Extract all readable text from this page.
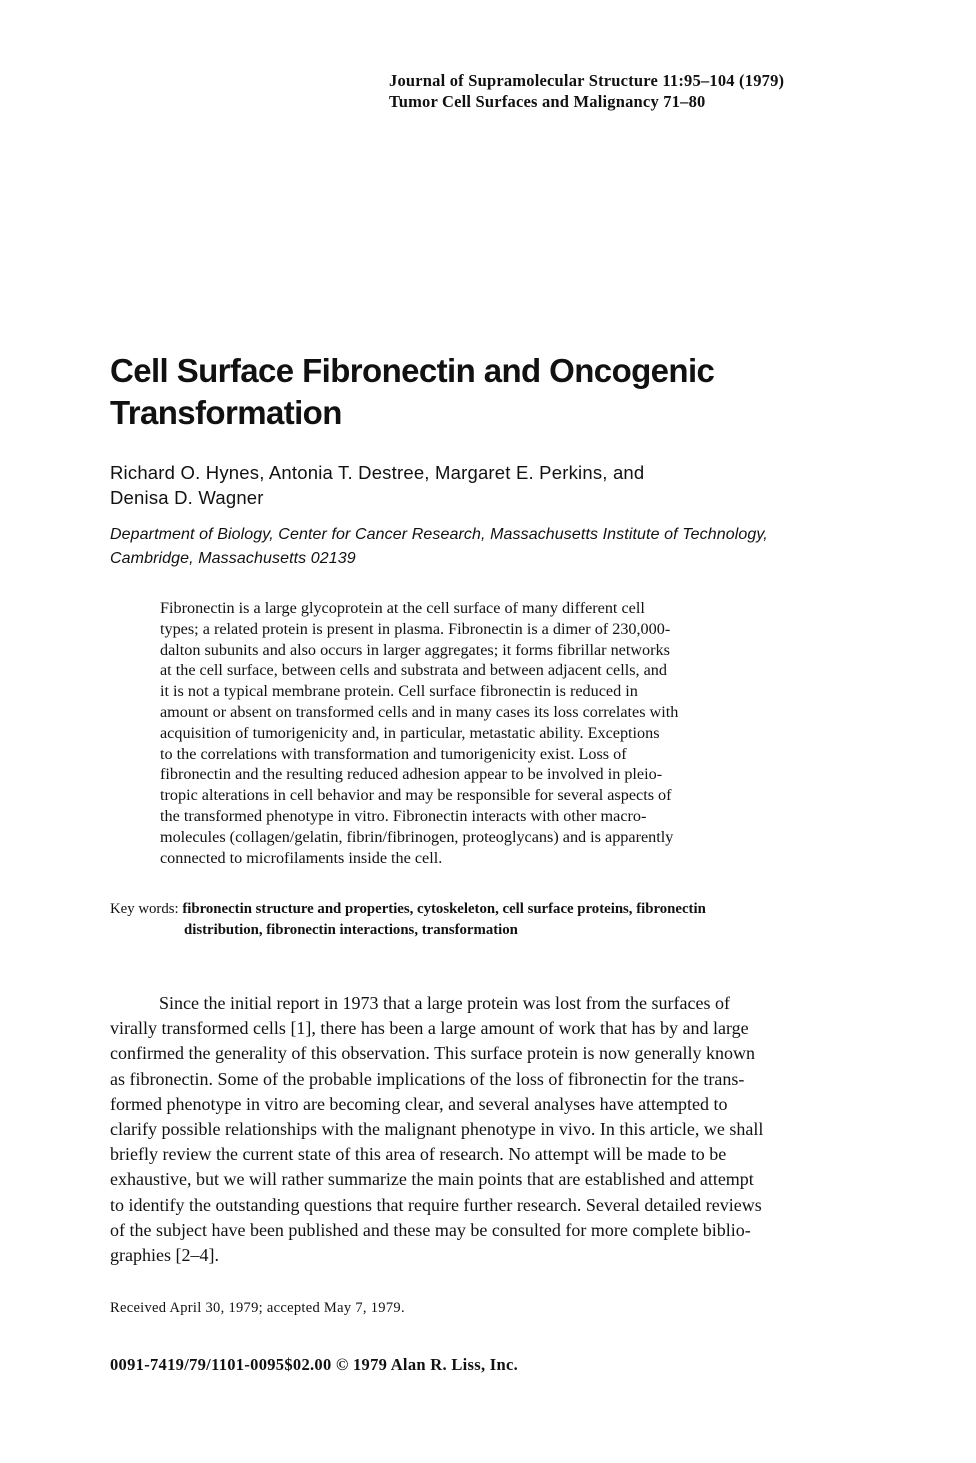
Journal of Supramolecular Structure 11:95–104 (1979)
Tumor Cell Surfaces and Malignancy 71–80
Cell Surface Fibronectin and Oncogenic
Transformation
Richard O. Hynes, Antonia T. Destree, Margaret E. Perkins, and
Denisa D. Wagner
Department of Biology, Center for Cancer Research, Massachusetts Institute of Technology,
Cambridge, Massachusetts 02139
Fibronectin is a large glycoprotein at the cell surface of many different cell
types; a related protein is present in plasma. Fibronectin is a dimer of 230,000-
dalton subunits and also occurs in larger aggregates; it forms fibrillar networks
at the cell surface, between cells and substrata and between adjacent cells, and
it is not a typical membrane protein. Cell surface fibronectin is reduced in
amount or absent on transformed cells and in many cases its loss correlates with
acquisition of tumorigenicity and, in particular, metastatic ability. Exceptions
to the correlations with transformation and tumorigenicity exist. Loss of
fibronectin and the resulting reduced adhesion appear to be involved in pleio-
tropic alterations in cell behavior and may be responsible for several aspects of
the transformed phenotype in vitro. Fibronectin interacts with other macro-
molecules (collagen/gelatin, fibrin/fibrinogen, proteoglycans) and is apparently
connected to microfilaments inside the cell.
Key words: fibronectin structure and properties, cytoskeleton, cell surface proteins, fibronectin
distribution, fibronectin interactions, transformation
Since the initial report in 1973 that a large protein was lost from the surfaces of
virally transformed cells [1], there has been a large amount of work that has by and large
confirmed the generality of this observation. This surface protein is now generally known
as fibronectin. Some of the probable implications of the loss of fibronectin for the trans-
formed phenotype in vitro are becoming clear, and several analyses have attempted to
clarify possible relationships with the malignant phenotype in vivo. In this article, we shall
briefly review the current state of this area of research. No attempt will be made to be
exhaustive, but we will rather summarize the main points that are established and attempt
to identify the outstanding questions that require further research. Several detailed reviews
of the subject have been published and these may be consulted for more complete biblio-
graphies [2–4].
Received April 30, 1979; accepted May 7, 1979.
0091-7419/79/1101-0095$02.00 © 1979 Alan R. Liss, Inc.
